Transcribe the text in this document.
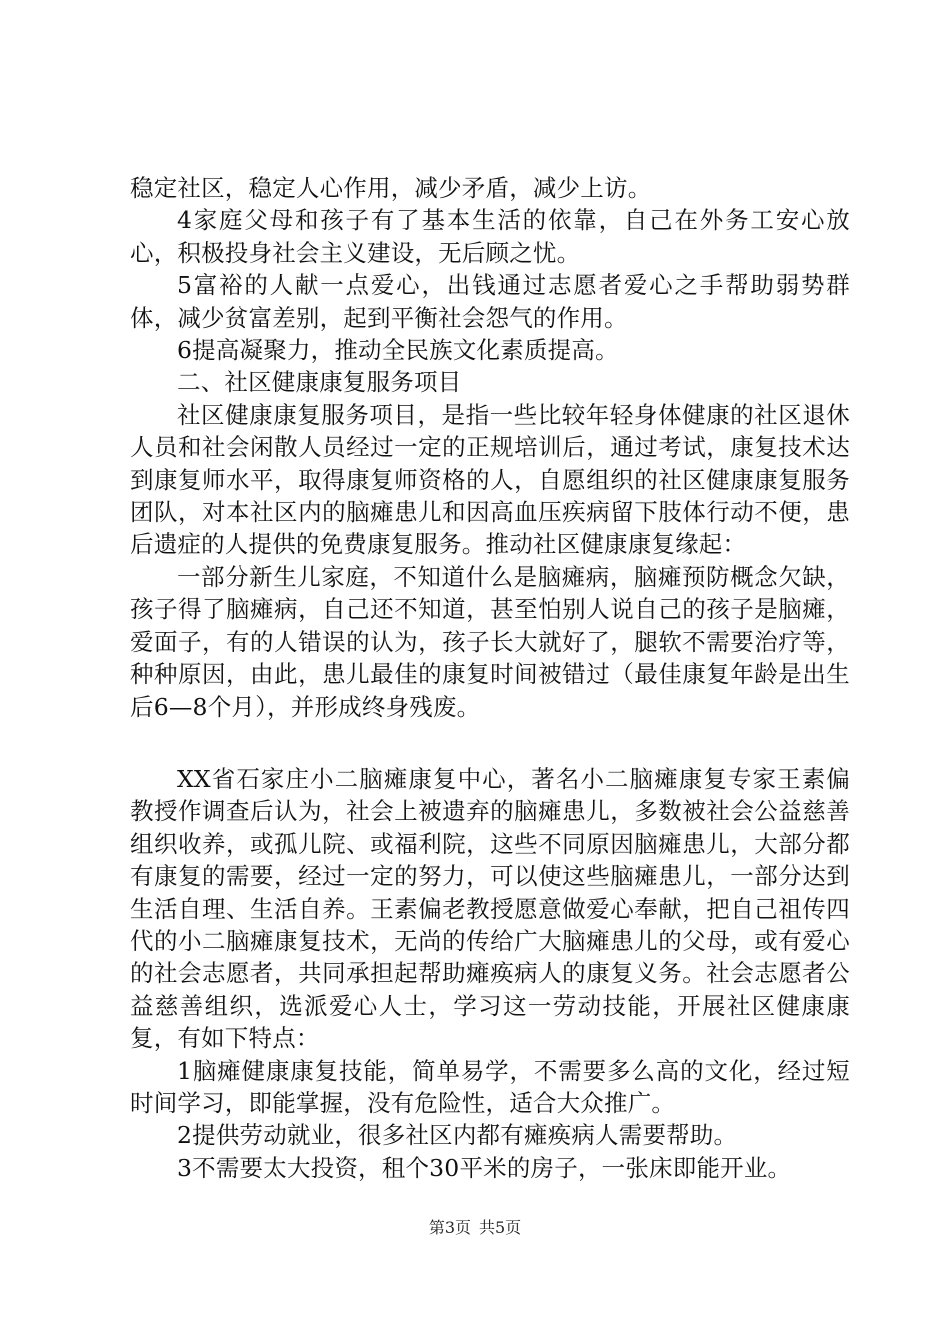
稳定社区，稳定人心作用，减少矛盾，减少上访。

4家庭父母和孩子有了基本生活的依靠，自己在外务工安心放心，积极投身社会主义建设，无后顾之忧。

5富裕的人献一点爱心，出钱通过志愿者爱心之手帮助弱势群体，减少贫富差别，起到平衡社会怨气的作用。

6提高凝聚力，推动全民族文化素质提高。

二、社区健康康复服务项目

社区健康康复服务项目，是指一些比较年轻身体健康的社区退休人员和社会闲散人员经过一定的正规培训后，通过考试，康复技术达到康复师水平，取得康复师资格的人，自愿组织的社区健康康复服务团队，对本社区内的脑瘫患儿和因高血压疾病留下肢体行动不便，患后遗症的人提供的免费康复服务。推动社区健康康复缘起：

一部分新生儿家庭，不知道什么是脑瘫病，脑瘫预防概念欠缺，孩子得了脑瘫病，自己还不知道，甚至怕别人说自己的孩子是脑瘫，爱面子，有的人错误的认为，孩子长大就好了，腿软不需要治疗等，种种原因，由此，患儿最佳的康复时间被错过（最佳康复年龄是出生后6—8个月），并形成终身残废。

XX省石家庄小二脑瘫康复中心，著名小二脑瘫康复专家王素偏教授作调查后认为，社会上被遗弃的脑瘫患儿，多数被社会公益慈善组织收养，或孤儿院、或福利院，这些不同原因脑瘫患儿，大部分都有康复的需要，经过一定的努力，可以使这些脑瘫患儿，一部分达到生活自理、生活自养。王素偏老教授愿意做爱心奉献，把自己祖传四代的小二脑瘫康复技术，无尚的传给广大脑瘫患儿的父母，或有爱心的社会志愿者，共同承担起帮助瘫痪病人的康复义务。社会志愿者公益慈善组织，选派爱心人士，学习这一劳动技能，开展社区健康康复，有如下特点：

1脑瘫健康康复技能，简单易学，不需要多么高的文化，经过短时间学习，即能掌握，没有危险性，适合大众推广。

2提供劳动就业，很多社区内都有瘫痪病人需要帮助。

3不需要太大投资，租个30平米的房子，一张床即能开业。

第3页 共5页
